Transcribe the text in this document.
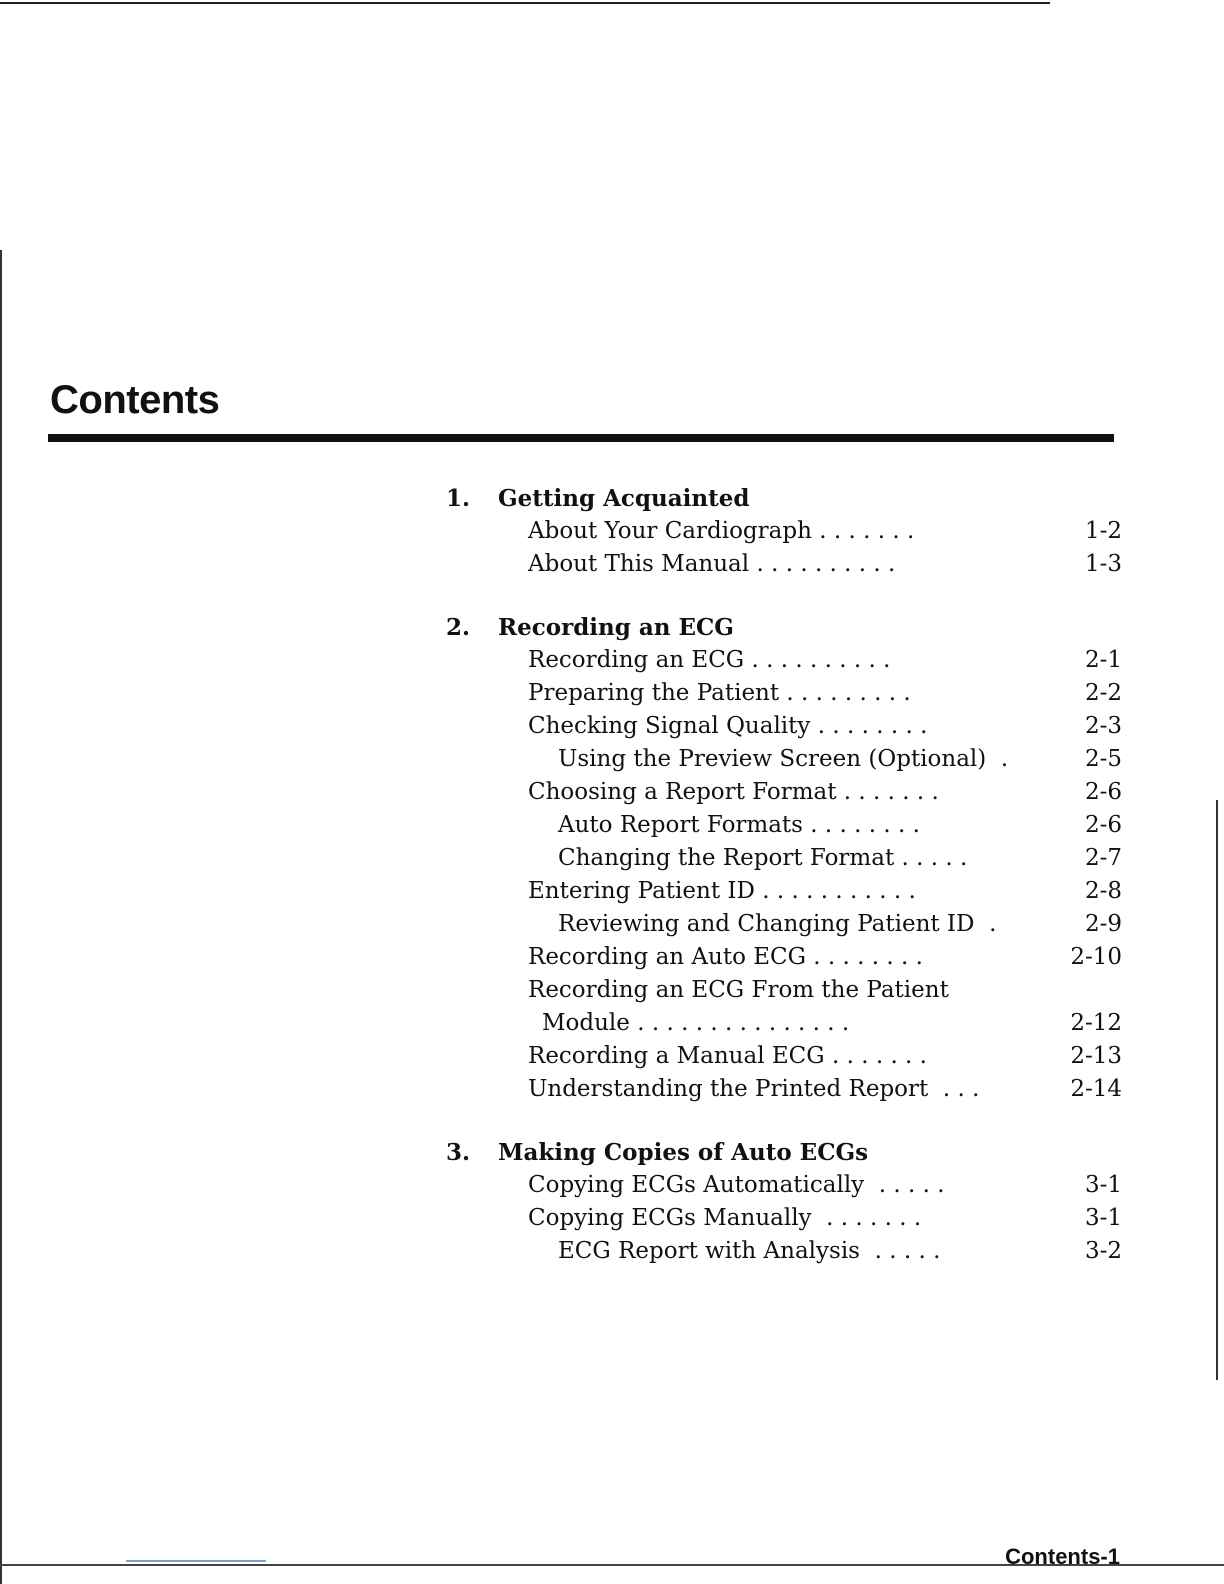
Contents
1.	Getting Acquainted
About Your Cardiograph . . . . . . .	1-2
About This Manual . . . . . . . . . .	1-3
2.	Recording an ECG
Recording an ECG . . . . . . . . . .	2-1
Preparing the Patient . . . . . . . . .	2-2
Checking Signal Quality . . . . . . . .	2-3
Using the Preview Screen (Optional)  .	2-5
Choosing a Report Format . . . . . . .	2-6
Auto Report Formats . . . . . . . .	2-6
Changing the Report Format . . . . .	2-7
Entering Patient ID . . . . . . . . . . .	2-8
Reviewing and Changing Patient ID  .	2-9
Recording an Auto ECG . . . . . . . .	2-10
Recording an ECG From the Patient
Module . . . . . . . . . . . . . . .	2-12
Recording a Manual ECG . . . . . . .	2-13
Understanding the Printed Report  . . .	2-14
3.	Making Copies of Auto ECGs
Copying ECGs Automatically  . . . . .	3-1
Copying ECGs Manually  . . . . . . .	3-1
ECG Report with Analysis  . . . . .	3-2
Contents-1
